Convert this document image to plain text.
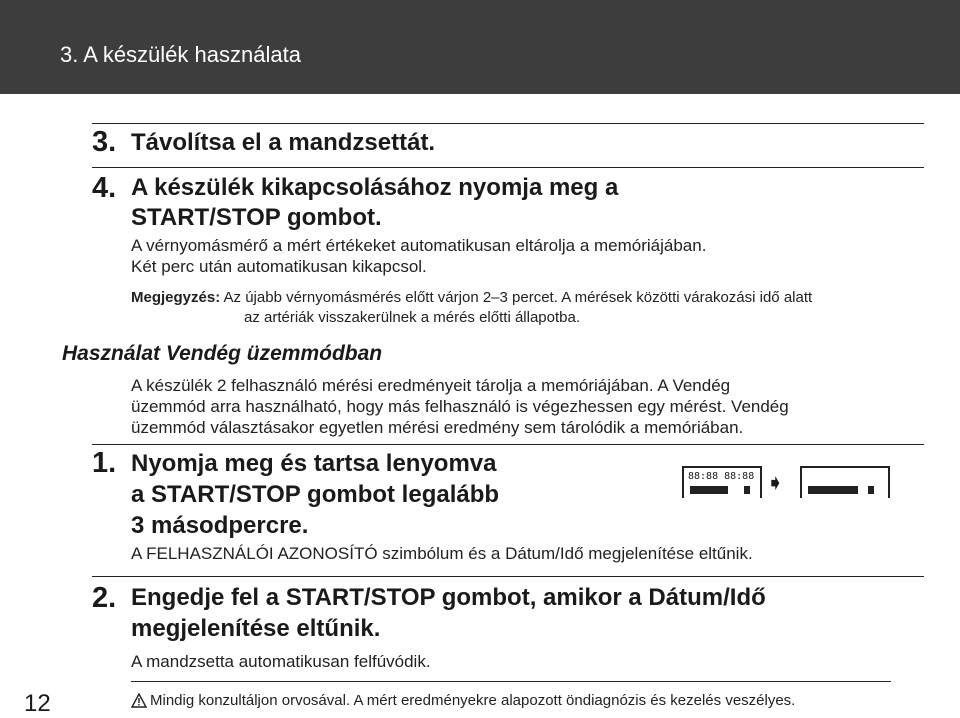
3. A készülék használata
3. Távolítsa el a mandzsettát.
4. A készülék kikapcsolásához nyomja meg a
START/STOP gombot.
A vérnyomásmérő a mért értékeket automatikusan eltárolja a memóriájában.
Két perc után automatikusan kikapcsol.
Megjegyzés: Az újabb vérnyomásmérés előtt várjon 2–3 percet. A mérések közötti várakozási idő alatt
az artériák visszakerülnek a mérés előtti állapotba.
Használat Vendég üzemmódban
A készülék 2 felhasználó mérési eredményeit tárolja a memóriájában. A Vendég
üzemmód arra használható, hogy más felhasználó is végezhessen egy mérést. Vendég
üzemmód választásakor egyetlen mérési eredmény sem tárolódik a memóriában.
1. Nyomja meg és tartsa lenyomva
a START/STOP gombot legalább
3 másodpercre.
A FELHASZNÁLÓI AZONOSÍTÓ szimbólum és a Dátum/Idő megjelenítése eltűnik.
88:88 88:88 ➧
2. Engedje fel a START/STOP gombot, amikor a Dátum/Idő
megjelenítése eltűnik.
A mandzsetta automatikusan felfúvódik.
12	Mindig konzultáljon orvosával. A mért eredményekre alapozott öndiagnózis és kezelés veszélyes.
